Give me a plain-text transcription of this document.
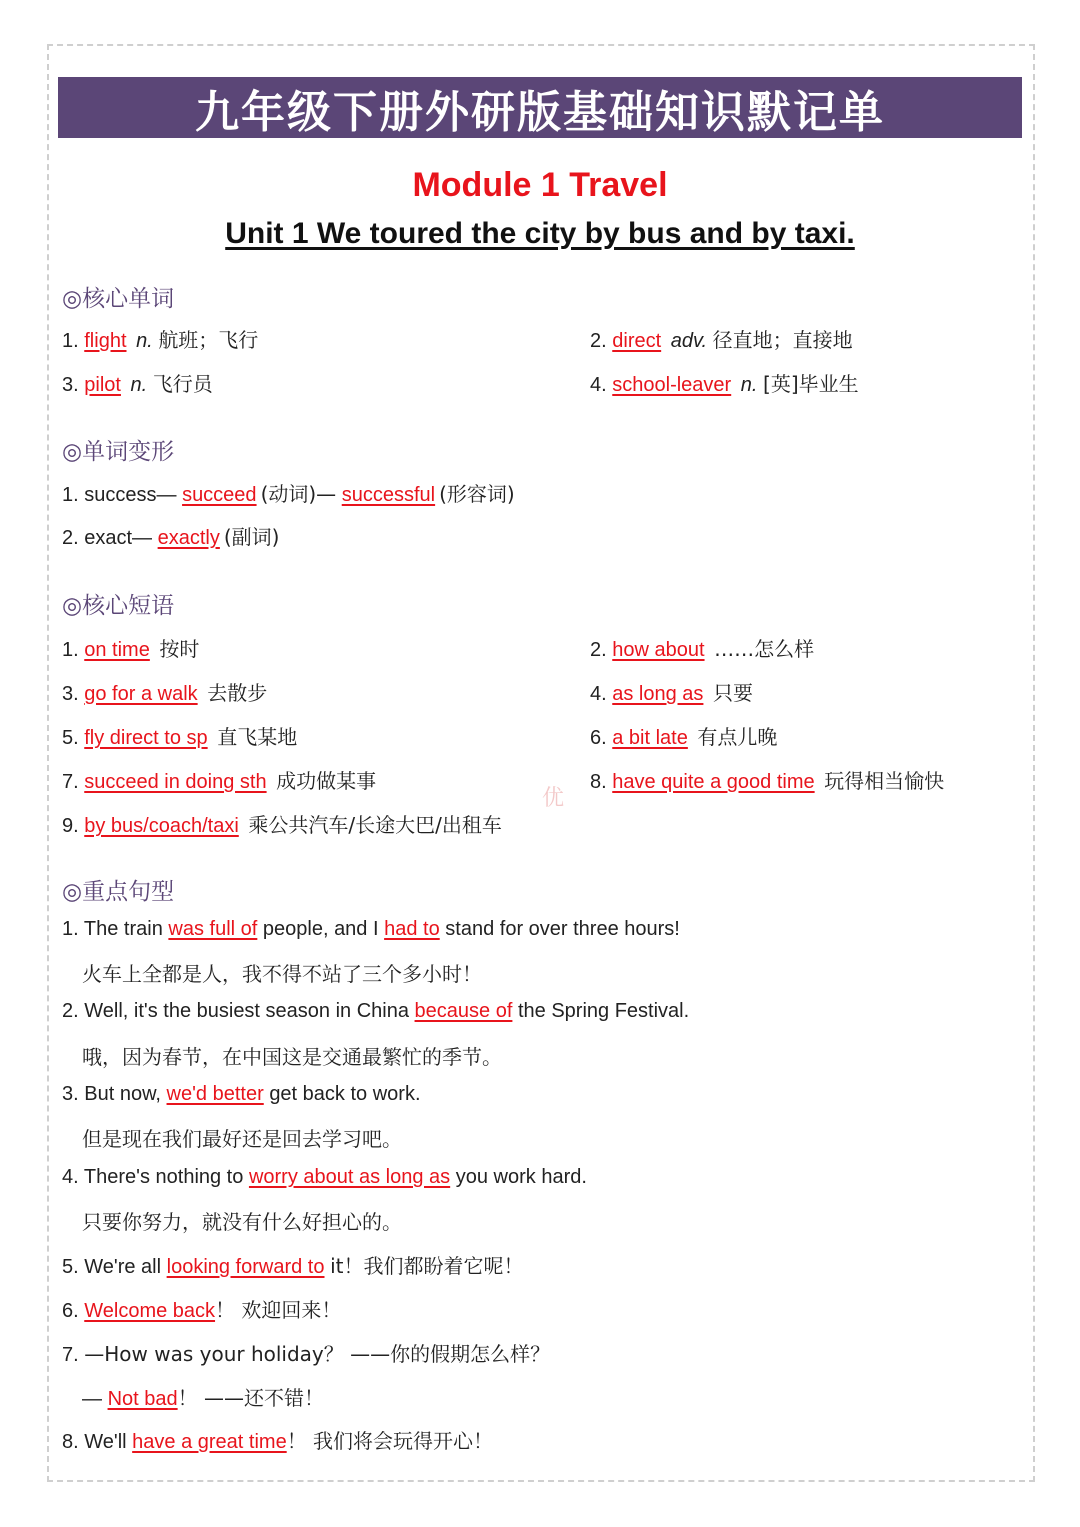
九年级下册外研版基础知识默记单
Module 1 Travel
Unit 1 We toured the city by bus and by taxi.
◎核心单词
1. flight n. 航班；飞行	2. direct adv. 径直地；直接地
3. pilot n. 飞行员	4. school-leaver n. [英]毕业生
◎单词变形
1. success— succeed (动词)— successful (形容词)
2. exact— exactly (副词)
◎核心短语
1. on time 按时	2. how about ……怎么样
3. go for a walk 去散步	4. as long as 只要
5. fly direct to sp 直飞某地	6. a bit late 有点儿晚
7. succeed in doing sth 成功做某事	8. have quite a good time 玩得相当愉快
9. by bus/coach/taxi 乘公共汽车/长途大巴/出租车
优
◎重点句型
1. The train was full of people, and I had to stand for over three hours!
火车上全都是人，我不得不站了三个多小时！
2. Well, it's the busiest season in China because of the Spring Festival.
哦，因为春节，在中国这是交通最繁忙的季节。
3. But now, we'd better get back to work.
但是现在我们最好还是回去学习吧。
4. There's nothing to worry about as long as you work hard.
只要你努力，就没有什么好担心的。
5. We're all looking forward to it！我们都盼着它呢！
6. Welcome back！ 欢迎回来！
7. —How was your holiday？ ——你的假期怎么样？
— Not bad！ ——还不错！
8. We'll have a great time！ 我们将会玩得开心！
